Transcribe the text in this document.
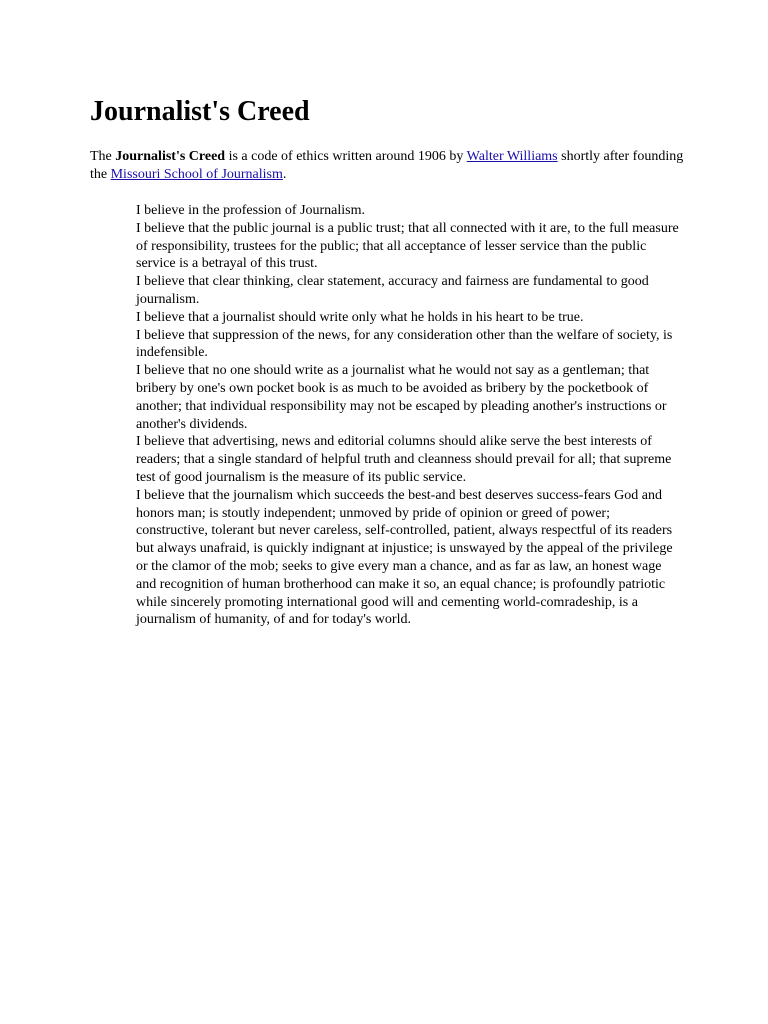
Journalist's Creed

The Journalist's Creed is a code of ethics written around 1906 by Walter Williams shortly after founding the Missouri School of Journalism.

I believe in the profession of Journalism.

I believe that the public journal is a public trust; that all connected with it are, to the full measure of responsibility, trustees for the public; that all acceptance of lesser service than the public service is a betrayal of this trust.

I believe that clear thinking, clear statement, accuracy and fairness are fundamental to good journalism.

I believe that a journalist should write only what he holds in his heart to be true.

I believe that suppression of the news, for any consideration other than the welfare of society, is indefensible.

I believe that no one should write as a journalist what he would not say as a gentleman; that bribery by one's own pocket book is as much to be avoided as bribery by the pocketbook of another; that individual responsibility may not be escaped by pleading another's instructions or another's dividends.

I believe that advertising, news and editorial columns should alike serve the best interests of readers; that a single standard of helpful truth and cleanness should prevail for all; that supreme test of good journalism is the measure of its public service.

I believe that the journalism which succeeds the best-and best deserves success-fears God and honors man; is stoutly independent; unmoved by pride of opinion or greed of power; constructive, tolerant but never careless, self-controlled, patient, always respectful of its readers but always unafraid, is quickly indignant at injustice; is unswayed by the appeal of the privilege or the clamor of the mob; seeks to give every man a chance, and as far as law, an honest wage and recognition of human brotherhood can make it so, an equal chance; is profoundly patriotic while sincerely promoting international good will and cementing world-comradeship, is a journalism of humanity, of and for today's world.
